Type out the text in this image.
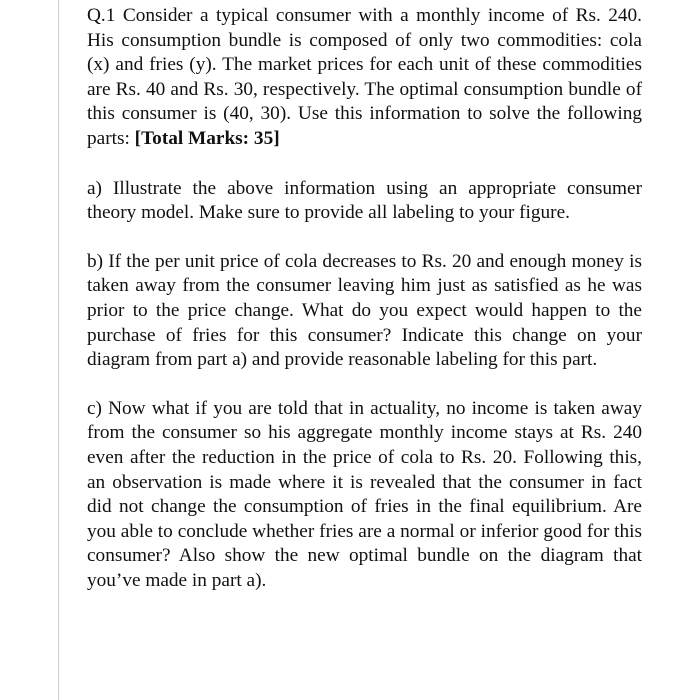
Q.1 Consider a typical consumer with a monthly income of Rs. 240. His consumption bundle is composed of only two commodities: cola (x) and fries (y). The market prices for each unit of these commodities are Rs. 40 and Rs. 30, respectively. The optimal consumption bundle of this consumer is (40, 30). Use this information to solve the following parts: [Total Marks: 35]

a) Illustrate the above information using an appropriate consumer theory model. Make sure to provide all labeling to your figure.

b) If the per unit price of cola decreases to Rs. 20 and enough money is taken away from the consumer leaving him just as satisfied as he was prior to the price change. What do you expect would happen to the purchase of fries for this consumer? Indicate this change on your diagram from part a) and provide reasonable labeling for this part.

c) Now what if you are told that in actuality, no income is taken away from the consumer so his aggregate monthly income stays at Rs. 240 even after the reduction in the price of cola to Rs. 20. Following this, an observation is made where it is revealed that the consumer in fact did not change the consumption of fries in the final equilibrium. Are you able to conclude whether fries are a normal or inferior good for this consumer? Also show the new optimal bundle on the diagram that you’ve made in part a).
